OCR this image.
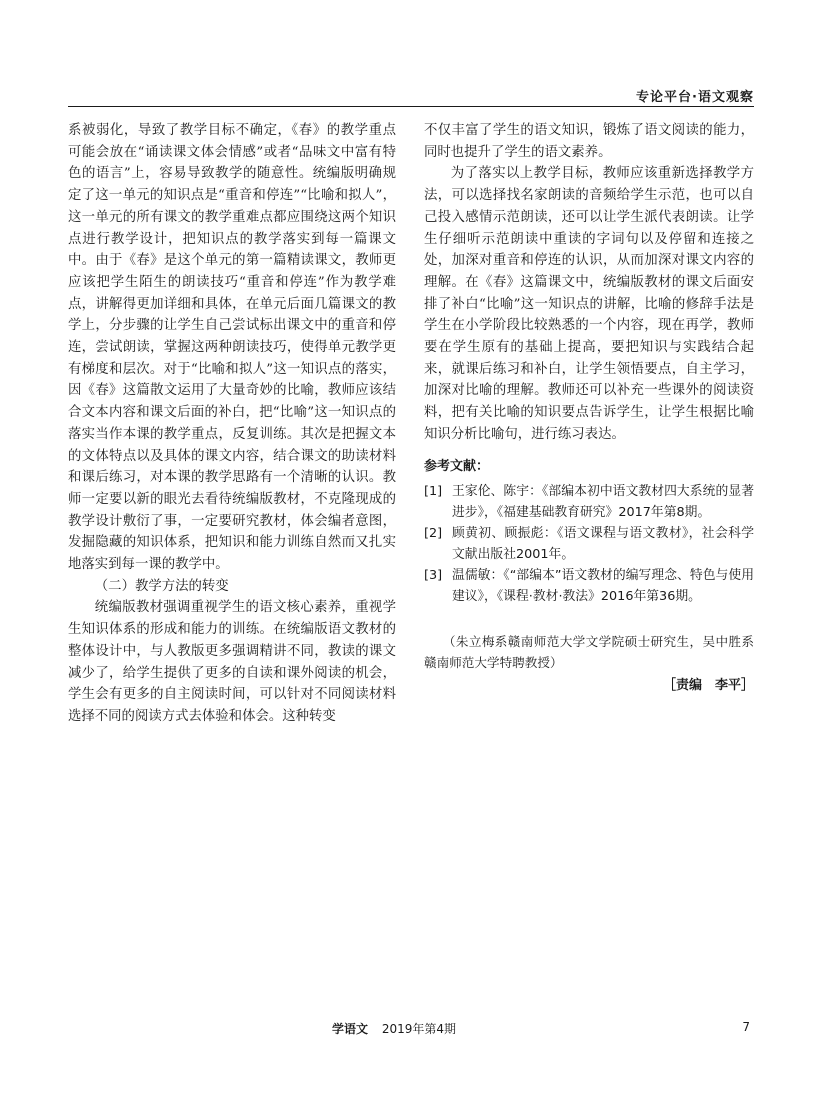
专论平台·语文观察

系被弱化，导致了教学目标不确定，《春》的教学重点可能会放在“诵读课文体会情感”或者“品味文中富有特色的语言”上，容易导致教学的随意性。统编版明确规定了这一单元的知识点是“重音和停连”“比喻和拟人”，这一单元的所有课文的教学重难点都应围绕这两个知识点进行教学设计，把知识点的教学落实到每一篇课文中。由于《春》是这个单元的第一篇精读课文，教师更应该把学生陌生的朗读技巧“重音和停连”作为教学难点，讲解得更加详细和具体，在单元后面几篇课文的教学上，分步骤的让学生自己尝试标出课文中的重音和停连，尝试朗读，掌握这两种朗读技巧，使得单元教学更有梯度和层次。对于“比喻和拟人”这一知识点的落实，因《春》这篇散文运用了大量奇妙的比喻，教师应该结合文本内容和课文后面的补白，把“比喻”这一知识点的落实当作本课的教学重点，反复训练。其次是把握文本的文体特点以及具体的课文内容，结合课文的助读材料和课后练习，对本课的教学思路有一个清晰的认识。教师一定要以新的眼光去看待统编版教材，不克隆现成的教学设计敷衍了事，一定要研究教材，体会编者意图，发掘隐藏的知识体系，把知识和能力训练自然而又扎实地落实到每一课的教学中。

（二）教学方法的转变

统编版教材强调重视学生的语文核心素养，重视学生知识体系的形成和能力的训练。在统编版语文教材的整体设计中，与人教版更多强调精讲不同，教读的课文减少了，给学生提供了更多的自读和课外阅读的机会，学生会有更多的自主阅读时间，可以针对不同阅读材料选择不同的阅读方式去体验和体会。这种转变

不仅丰富了学生的语文知识，锻炼了语文阅读的能力，同时也提升了学生的语文素养。

为了落实以上教学目标，教师应该重新选择教学方法，可以选择找名家朗读的音频给学生示范，也可以自己投入感情示范朗读，还可以让学生派代表朗读。让学生仔细听示范朗读中重读的字词句以及停留和连接之处，加深对重音和停连的认识，从而加深对课文内容的理解。在《春》这篇课文中，统编版教材的课文后面安排了补白“比喻”这一知识点的讲解，比喻的修辞手法是学生在小学阶段比较熟悉的一个内容，现在再学，教师要在学生原有的基础上提高，要把知识与实践结合起来，就课后练习和补白，让学生领悟要点，自主学习，加深对比喻的理解。教师还可以补充一些课外的阅读资料，把有关比喻的知识要点告诉学生，让学生根据比喻知识分析比喻句，进行练习表达。

参考文献：

[1] 王家伦、陈宇：《部编本初中语文教材四大系统的显著进步》，《福建基础教育研究》2017年第8期。
[2] 顾黄初、顾振彪：《语文课程与语文教材》，社会科学文献出版社2001年。
[3] 温儒敏：《“部编本”语文教材的编写理念、特色与使用建议》，《课程·教材·教法》2016年第36期。

（朱立梅系赣南师范大学文学院硕士研究生，吴中胜系赣南师范大学特聘教授）

［责编　李平］
学语文 2019年第4期	7
